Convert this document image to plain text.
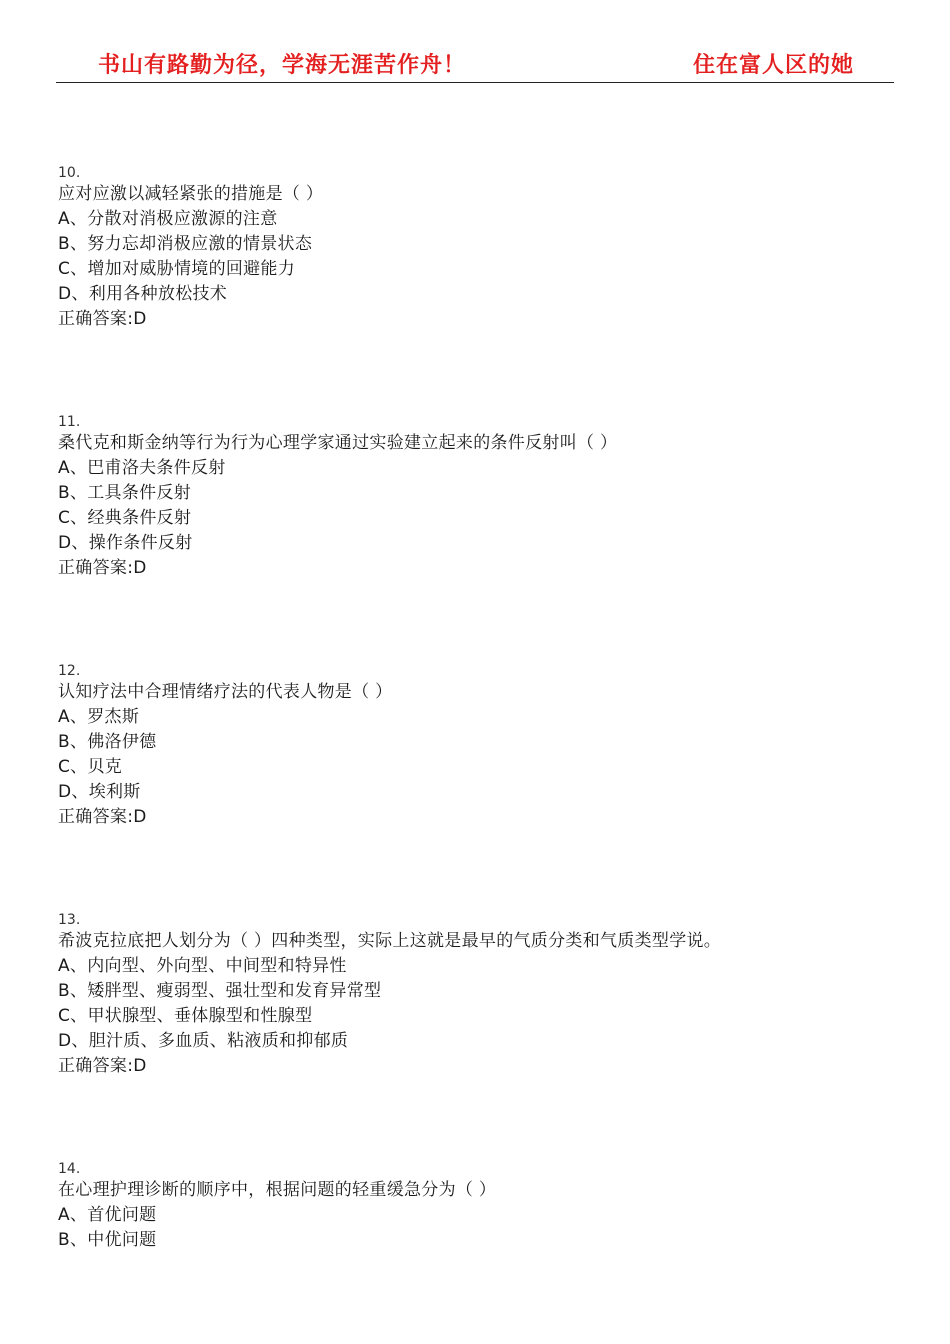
书山有路勤为径，学海无涯苦作舟！	住在富人区的她
10.
应对应激以减轻紧张的措施是（ ）
A、分散对消极应激源的注意
B、努力忘却消极应激的情景状态
C、增加对威胁情境的回避能力
D、利用各种放松技术
正确答案:D
11.
桑代克和斯金纳等行为行为心理学家通过实验建立起来的条件反射叫（ ）
A、巴甫洛夫条件反射
B、工具条件反射
C、经典条件反射
D、操作条件反射
正确答案:D
12.
认知疗法中合理情绪疗法的代表人物是（ ）
A、罗杰斯
B、佛洛伊德
C、贝克
D、埃利斯
正确答案:D
13.
希波克拉底把人划分为（ ）四种类型，实际上这就是最早的气质分类和气质类型学说。
A、内向型、外向型、中间型和特异性
B、矮胖型、瘦弱型、强壮型和发育异常型
C、甲状腺型、垂体腺型和性腺型
D、胆汁质、多血质、粘液质和抑郁质
正确答案:D
14.
在心理护理诊断的顺序中，根据问题的轻重缓急分为（ ）
A、首优问题
B、中优问题
